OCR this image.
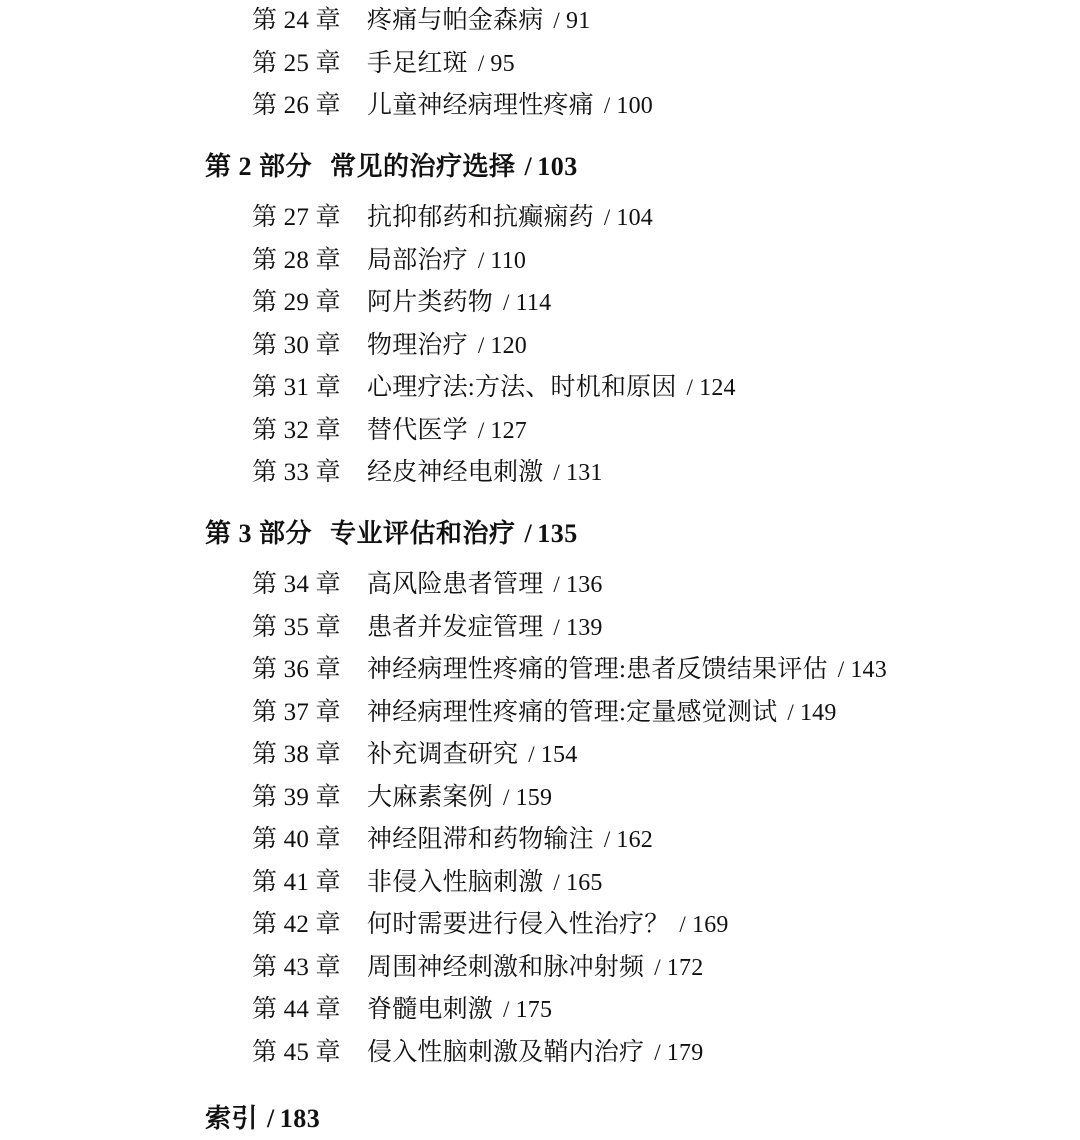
第 24 章	疼痛与帕金森病 / 91
第 25 章	手足红斑 / 95
第 26 章	儿童神经病理性疼痛 / 100
第 2 部分 常见的治疗选择 / 103
第 27 章	抗抑郁药和抗癫痫药 / 104
第 28 章	局部治疗 / 110
第 29 章	阿片类药物 / 114
第 30 章	物理治疗 / 120
第 31 章	心理疗法:方法、时机和原因 / 124
第 32 章	替代医学 / 127
第 33 章	经皮神经电刺激 / 131
第 3 部分 专业评估和治疗 / 135
第 34 章	高风险患者管理 / 136
第 35 章	患者并发症管理 / 139
第 36 章	神经病理性疼痛的管理:患者反馈结果评估 / 143
第 37 章	神经病理性疼痛的管理:定量感觉测试 / 149
第 38 章	补充调查研究 / 154
第 39 章	大麻素案例 / 159
第 40 章	神经阻滞和药物输注 / 162
第 41 章	非侵入性脑刺激 / 165
第 42 章	何时需要进行侵入性治疗？ / 169
第 43 章	周围神经刺激和脉冲射频 / 172
第 44 章	脊髓电刺激 / 175
第 45 章	侵入性脑刺激及鞘内治疗 / 179
索引 / 183
